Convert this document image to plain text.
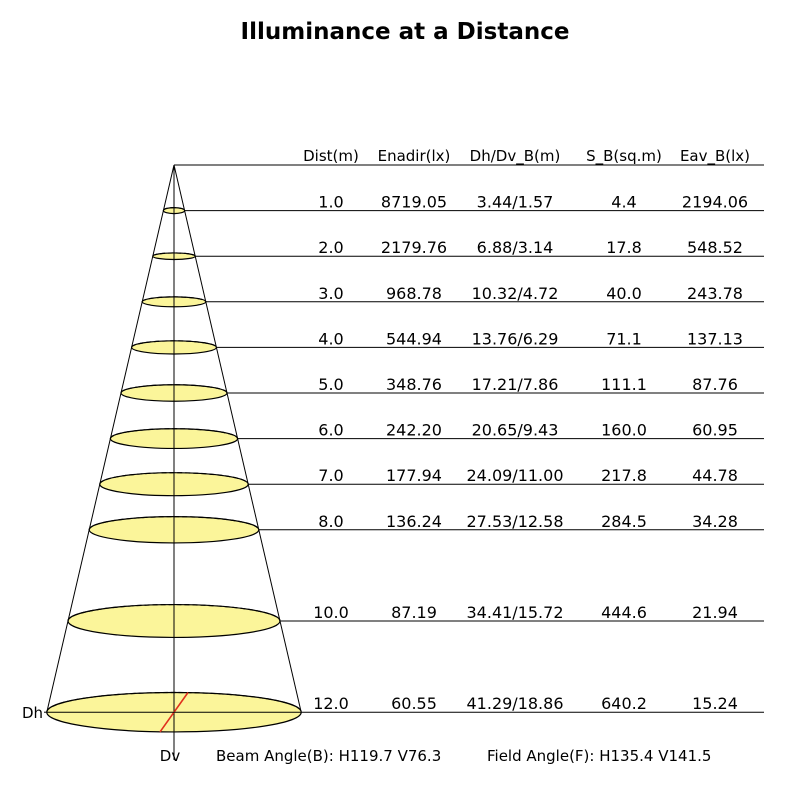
Illuminance at a Distance
Dist(m) Enadir(lx) Dh/Dv_B(m) S_B(sq.m) Eav_B(lx)
1.0 8719.05 3.44/1.57	4.4	2194.06
2.0 2179.76 6.88/3.14	17.8	548.52
3.0	968.78 10.32/4.72	40.0	243.78
4.0	544.94 13.76/6.29	71.1	137.13
5.0	348.76 17.21/7.86	111.1	87.76
6.0	242.20 20.65/9.43	160.0	60.95
7.0	177.94 24.09/11.00 217.8	44.78
8.0	136.24 27.53/12.58 284.5	34.28
10.0	87.19 34.41/15.72 444.6	21.94
12.0	60.55 41.29/18.86 640.2	15.24
Dv
Dh
Beam Angle(B): H119.7 V76.3	Field Angle(F): H135.4 V141.5
